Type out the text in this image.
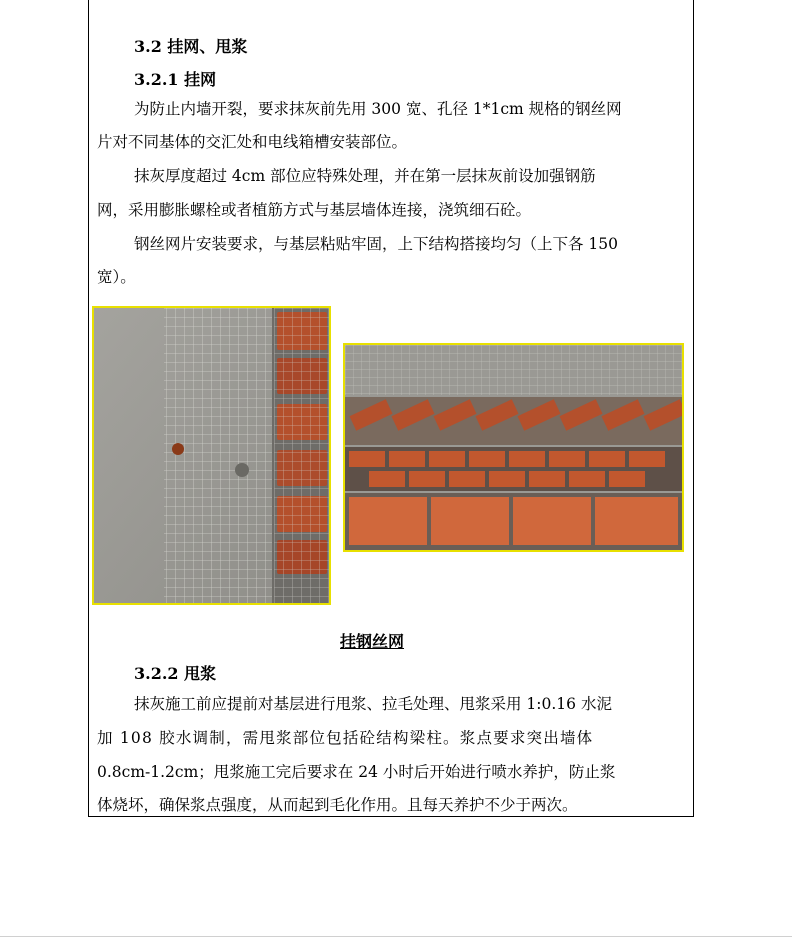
3.2 挂网、甩浆
3.2.1 挂网
为防止内墙开裂，要求抹灰前先用 300 宽、孔径 1*1cm 规格的钢丝网
片对不同基体的交汇处和电线箱槽安装部位。
抹灰厚度超过 4cm 部位应特殊处理，并在第一层抹灰前设加强钢筋
网，采用膨胀螺栓或者植筋方式与基层墙体连接，浇筑细石砼。
钢丝网片安装要求，与基层粘贴牢固，上下结构搭接均匀（上下各 150
宽）。
挂钢丝网
3.2.2 甩浆
抹灰施工前应提前对基层进行甩浆、拉毛处理、甩浆采用 1:0.16 水泥
加 108 胶水调制，需甩浆部位包括砼结构梁柱。浆点要求突出墙体
0.8cm-1.2cm；甩浆施工完后要求在 24 小时后开始进行喷水养护，防止浆
体烧坏，确保浆点强度，从而起到毛化作用。且每天养护不少于两次。
